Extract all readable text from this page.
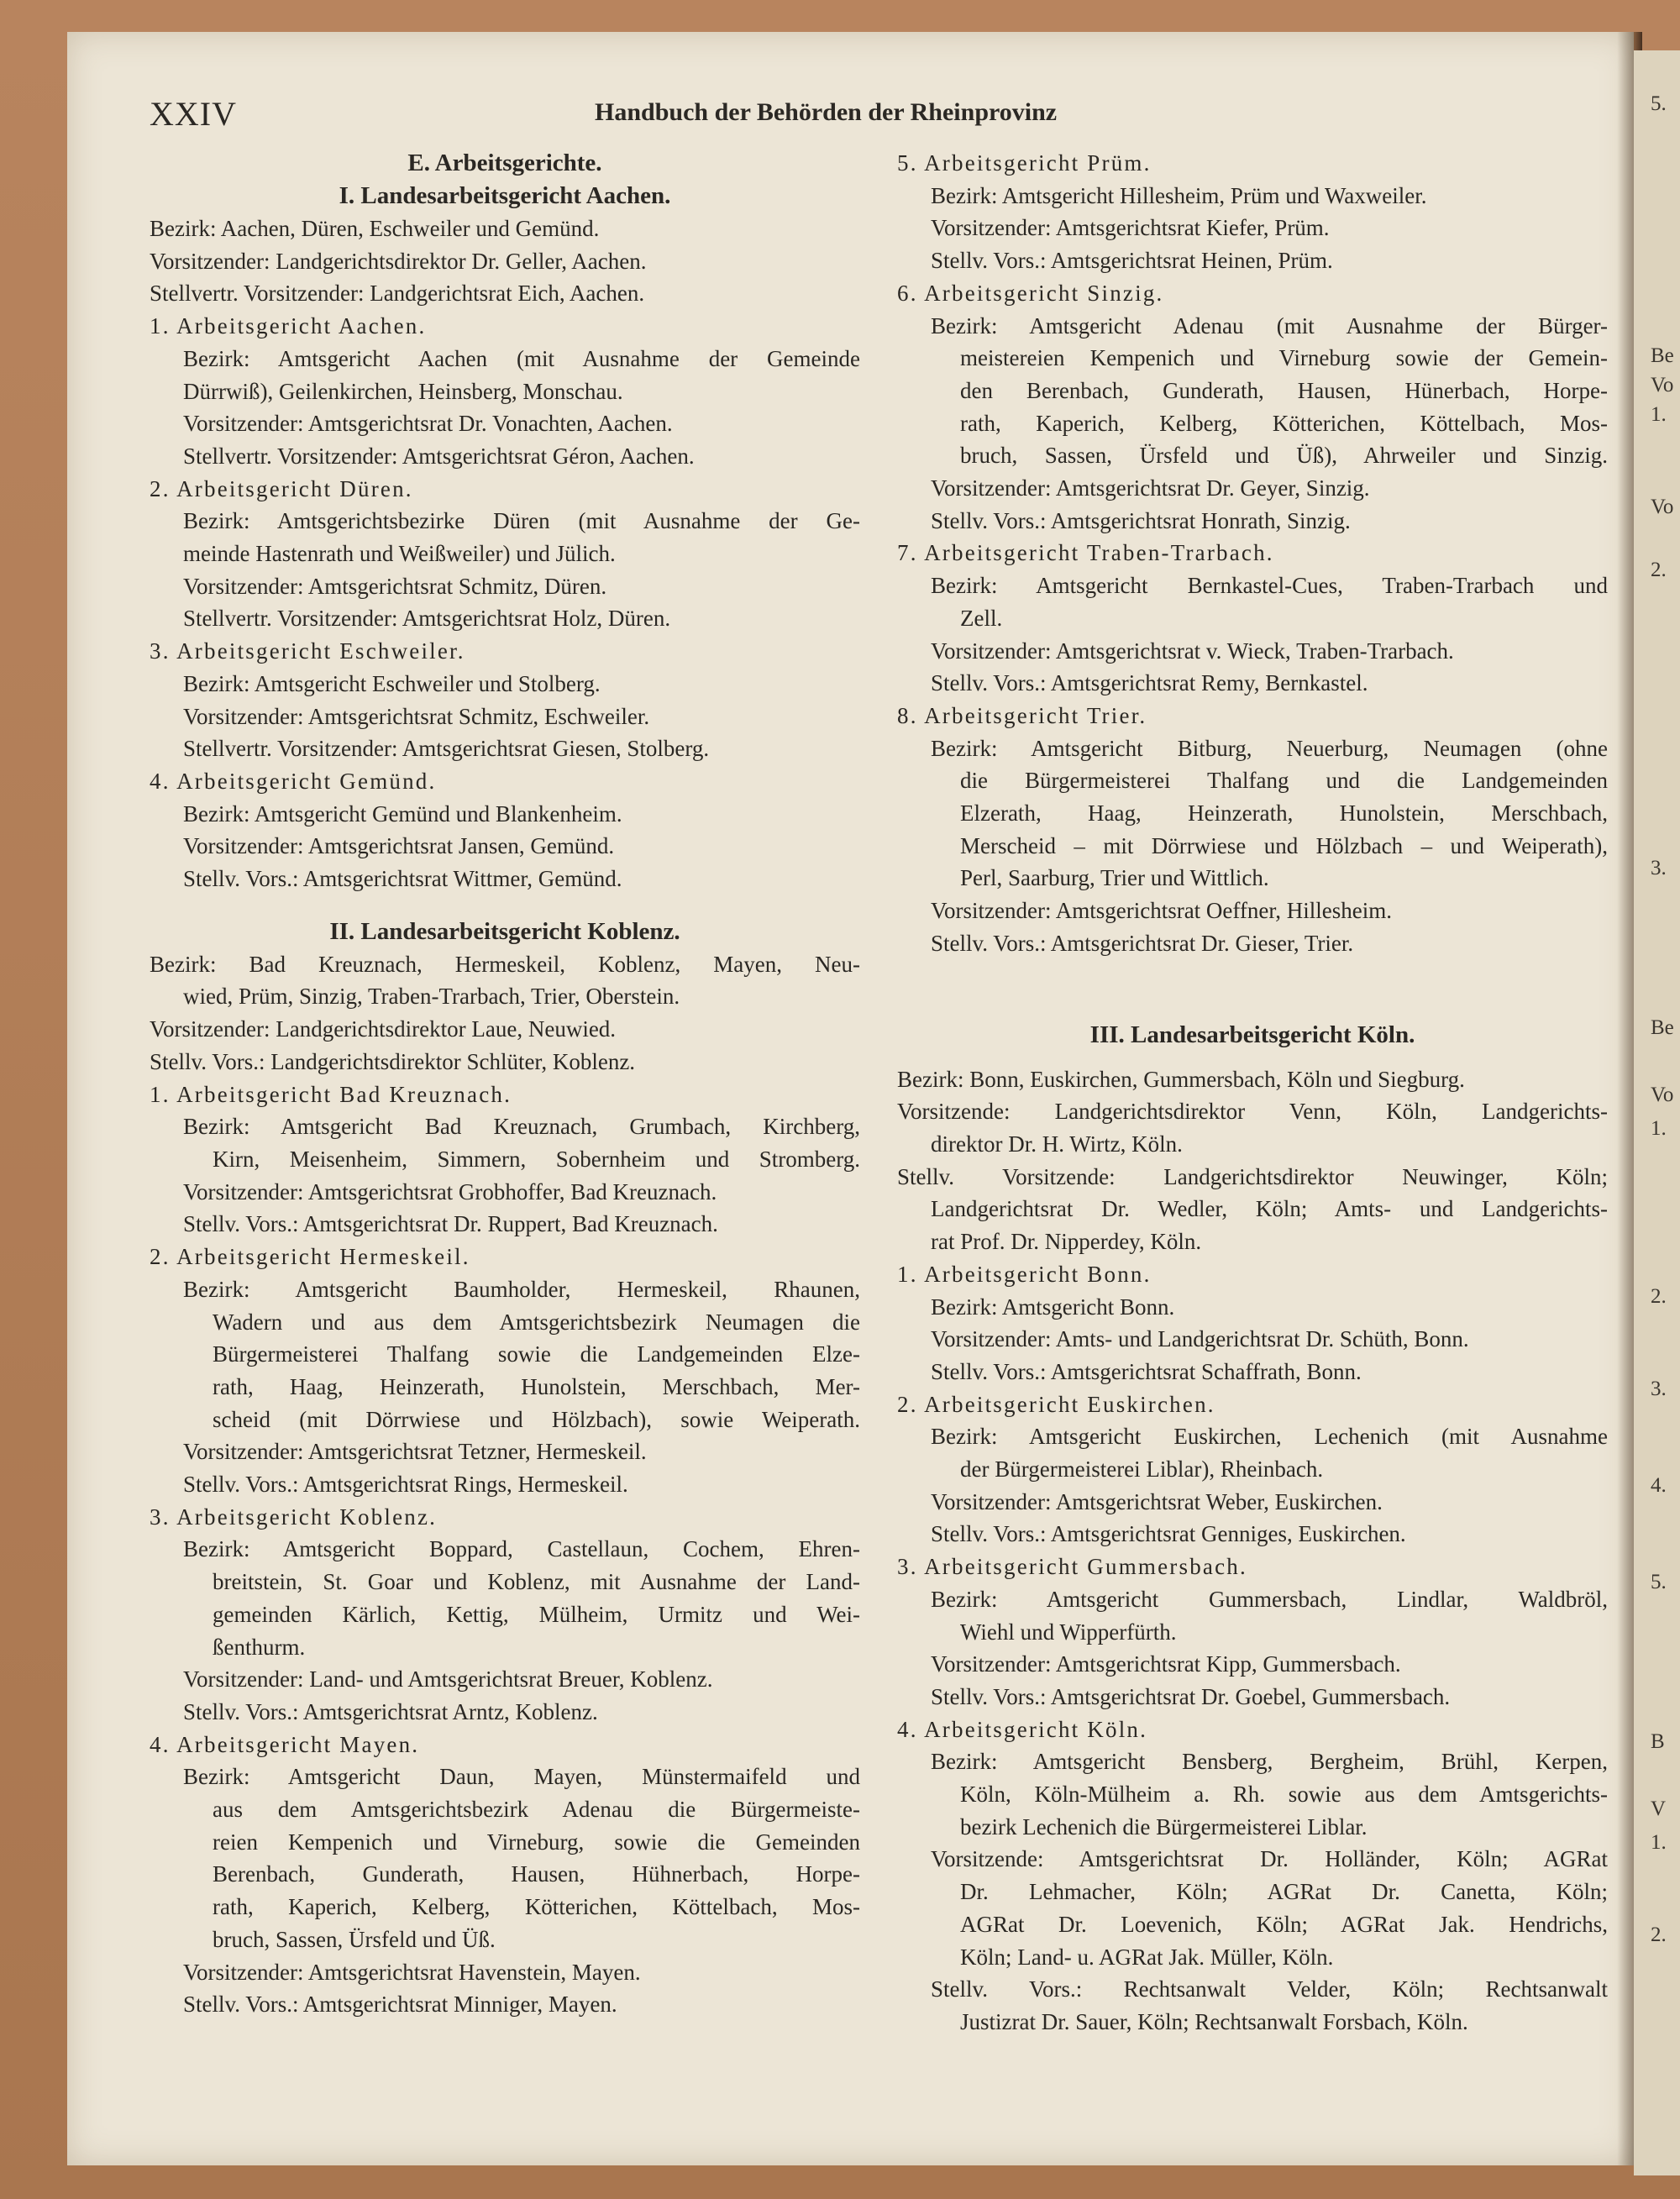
5.
Be
Vo
1.
Vo
2.
3.
Be
Vo
1.
2.
3.
4.
5.
B
V
1.
2.
XXIV	Handbuch der Behörden der Rheinprovinz
E. Arbeitsgerichte.
I. Landesarbeitsgericht Aachen.
Bezirk: Aachen, Düren, Eschweiler und Gemünd.
Vorsitzender: Landgerichtsdirektor Dr. Geller, Aachen.
Stellvertr. Vorsitzender: Landgerichtsrat Eich, Aachen.
1. Arbeitsgericht Aachen.
Bezirk: Amtsgericht Aachen (mit Ausnahme der Gemeinde
Dürrwiß), Geilenkirchen, Heinsberg, Monschau.
Vorsitzender: Amtsgerichtsrat Dr. Vonachten, Aachen.
Stellvertr. Vorsitzender: Amtsgerichtsrat Géron, Aachen.
2. Arbeitsgericht Düren.
Bezirk: Amtsgerichtsbezirke Düren (mit Ausnahme der Ge-
meinde Hastenrath und Weißweiler) und Jülich.
Vorsitzender: Amtsgerichtsrat Schmitz, Düren.
Stellvertr. Vorsitzender: Amtsgerichtsrat Holz, Düren.
3. Arbeitsgericht Eschweiler.
Bezirk: Amtsgericht Eschweiler und Stolberg.
Vorsitzender: Amtsgerichtsrat Schmitz, Eschweiler.
Stellvertr. Vorsitzender: Amtsgerichtsrat Giesen, Stolberg.
4. Arbeitsgericht Gemünd.
Bezirk: Amtsgericht Gemünd und Blankenheim.
Vorsitzender: Amtsgerichtsrat Jansen, Gemünd.
Stellv. Vors.: Amtsgerichtsrat Wittmer, Gemünd.
II. Landesarbeitsgericht Koblenz.
Bezirk: Bad Kreuznach, Hermeskeil, Koblenz, Mayen, Neu-
wied, Prüm, Sinzig, Traben-Trarbach, Trier, Oberstein.
Vorsitzender: Landgerichtsdirektor Laue, Neuwied.
Stellv. Vors.: Landgerichtsdirektor Schlüter, Koblenz.
1. Arbeitsgericht Bad Kreuznach.
Bezirk: Amtsgericht Bad Kreuznach, Grumbach, Kirchberg,
Kirn, Meisenheim, Simmern, Sobernheim und Stromberg.
Vorsitzender: Amtsgerichtsrat Grobhoffer, Bad Kreuznach.
Stellv. Vors.: Amtsgerichtsrat Dr. Ruppert, Bad Kreuznach.
2. Arbeitsgericht Hermeskeil.
Bezirk: Amtsgericht Baumholder, Hermeskeil, Rhaunen,
Wadern und aus dem Amtsgerichtsbezirk Neumagen die
Bürgermeisterei Thalfang sowie die Landgemeinden Elze-
rath, Haag, Heinzerath, Hunolstein, Merschbach, Mer-
scheid (mit Dörrwiese und Hölzbach), sowie Weiperath.
Vorsitzender: Amtsgerichtsrat Tetzner, Hermeskeil.
Stellv. Vors.: Amtsgerichtsrat Rings, Hermeskeil.
3. Arbeitsgericht Koblenz.
Bezirk: Amtsgericht Boppard, Castellaun, Cochem, Ehren-
breitstein, St. Goar und Koblenz, mit Ausnahme der Land-
gemeinden Kärlich, Kettig, Mülheim, Urmitz und Wei-
ßenthurm.
Vorsitzender: Land- und Amtsgerichtsrat Breuer, Koblenz.
Stellv. Vors.: Amtsgerichtsrat Arntz, Koblenz.
4. Arbeitsgericht Mayen.
Bezirk: Amtsgericht Daun, Mayen, Münstermaifeld und
aus dem Amtsgerichtsbezirk Adenau die Bürgermeiste-
reien Kempenich und Virneburg, sowie die Gemeinden
Berenbach, Gunderath, Hausen, Hühnerbach, Horpe-
rath, Kaperich, Kelberg, Kötterichen, Köttelbach, Mos-
bruch, Sassen, Ürsfeld und Üß.
Vorsitzender: Amtsgerichtsrat Havenstein, Mayen.
Stellv. Vors.: Amtsgerichtsrat Minniger, Mayen.
5. Arbeitsgericht Prüm.
Bezirk: Amtsgericht Hillesheim, Prüm und Waxweiler.
Vorsitzender: Amtsgerichtsrat Kiefer, Prüm.
Stellv. Vors.: Amtsgerichtsrat Heinen, Prüm.
6. Arbeitsgericht Sinzig.
Bezirk: Amtsgericht Adenau (mit Ausnahme der Bürger-
meistereien Kempenich und Virneburg sowie der Gemein-
den Berenbach, Gunderath, Hausen, Hünerbach, Horpe-
rath, Kaperich, Kelberg, Kötterichen, Köttelbach, Mos-
bruch, Sassen, Ürsfeld und Üß), Ahrweiler und Sinzig.
Vorsitzender: Amtsgerichtsrat Dr. Geyer, Sinzig.
Stellv. Vors.: Amtsgerichtsrat Honrath, Sinzig.
7. Arbeitsgericht Traben-Trarbach.
Bezirk: Amtsgericht Bernkastel-Cues, Traben-Trarbach und
Zell.
Vorsitzender: Amtsgerichtsrat v. Wieck, Traben-Trarbach.
Stellv. Vors.: Amtsgerichtsrat Remy, Bernkastel.
8. Arbeitsgericht Trier.
Bezirk: Amtsgericht Bitburg, Neuerburg, Neumagen (ohne
die Bürgermeisterei Thalfang und die Landgemeinden
Elzerath, Haag, Heinzerath, Hunolstein, Merschbach,
Merscheid – mit Dörrwiese und Hölzbach – und Weiperath),
Perl, Saarburg, Trier und Wittlich.
Vorsitzender: Amtsgerichtsrat Oeffner, Hillesheim.
Stellv. Vors.: Amtsgerichtsrat Dr. Gieser, Trier.
III. Landesarbeitsgericht Köln.
Bezirk: Bonn, Euskirchen, Gummersbach, Köln und Siegburg.
Vorsitzende: Landgerichtsdirektor Venn, Köln, Landgerichts-
direktor Dr. H. Wirtz, Köln.
Stellv. Vorsitzende: Landgerichtsdirektor Neuwinger, Köln;
Landgerichtsrat Dr. Wedler, Köln; Amts- und Landgerichts-
rat Prof. Dr. Nipperdey, Köln.
1. Arbeitsgericht Bonn.
Bezirk: Amtsgericht Bonn.
Vorsitzender: Amts- und Landgerichtsrat Dr. Schüth, Bonn.
Stellv. Vors.: Amtsgerichtsrat Schaffrath, Bonn.
2. Arbeitsgericht Euskirchen.
Bezirk: Amtsgericht Euskirchen, Lechenich (mit Ausnahme
der Bürgermeisterei Liblar), Rheinbach.
Vorsitzender: Amtsgerichtsrat Weber, Euskirchen.
Stellv. Vors.: Amtsgerichtsrat Genniges, Euskirchen.
3. Arbeitsgericht Gummersbach.
Bezirk: Amtsgericht Gummersbach, Lindlar, Waldbröl,
Wiehl und Wipperfürth.
Vorsitzender: Amtsgerichtsrat Kipp, Gummersbach.
Stellv. Vors.: Amtsgerichtsrat Dr. Goebel, Gummersbach.
4. Arbeitsgericht Köln.
Bezirk: Amtsgericht Bensberg, Bergheim, Brühl, Kerpen,
Köln, Köln-Mülheim a. Rh. sowie aus dem Amtsgerichts-
bezirk Lechenich die Bürgermeisterei Liblar.
Vorsitzende: Amtsgerichtsrat Dr. Holländer, Köln; AGRat
Dr. Lehmacher, Köln; AGRat Dr. Canetta, Köln;
AGRat Dr. Loevenich, Köln; AGRat Jak. Hendrichs,
Köln; Land- u. AGRat Jak. Müller, Köln.
Stellv. Vors.: Rechtsanwalt Velder, Köln; Rechtsanwalt
Justizrat Dr. Sauer, Köln; Rechtsanwalt Forsbach, Köln.
